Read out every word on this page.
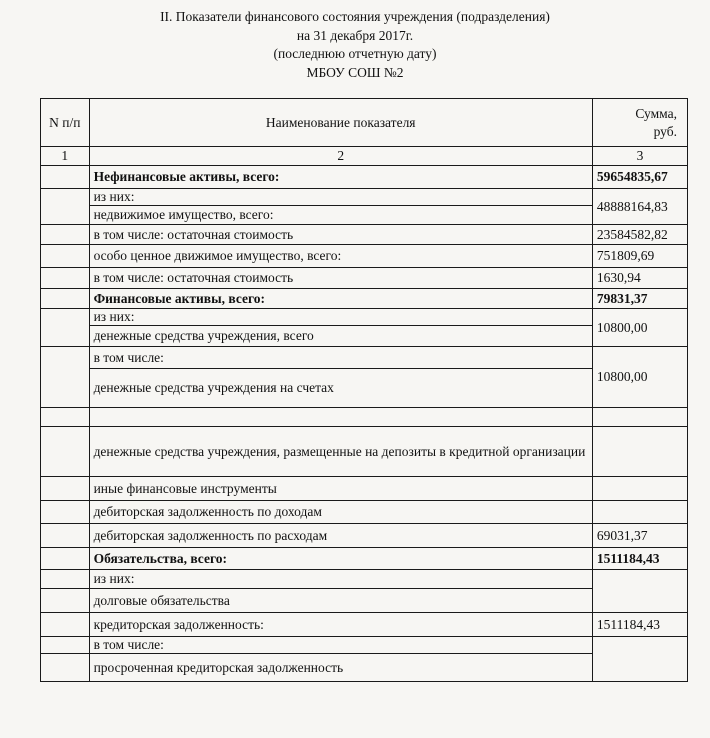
II. Показатели финансового состояния учреждения (подразделения)
на 31 декабря 2017г.
(последнюю отчетную дату)
МБОУ СОШ №2
N п/п	Наименование показателя	Сумма,
руб.
1	2	3
	Нефинансовые активы, всего:	59654835,67
	из них:	48888164,83
	недвижимое имущество, всего:	
	в том числе: остаточная стоимость	23584582,82
	особо ценное движимое имущество, всего:	751809,69
	в том числе: остаточная стоимость	1630,94
	Финансовые активы, всего:	79831,37
	из них:	10800,00
	денежные средства учреждения, всего	
	в том числе:	10800,00
	денежные средства учреждения на счетах	

	денежные средства учреждения, размещенные на депозиты в кредитной организации	
	иные финансовые инструменты	
	дебиторская задолженность по доходам	
	дебиторская задолженность по расходам	69031,37
	Обязательства, всего:	1511184,43
	из них:	
	долговые обязательства	
	кредиторская задолженность:	1511184,43
	в том числе:	
	просроченная кредиторская задолженность	
